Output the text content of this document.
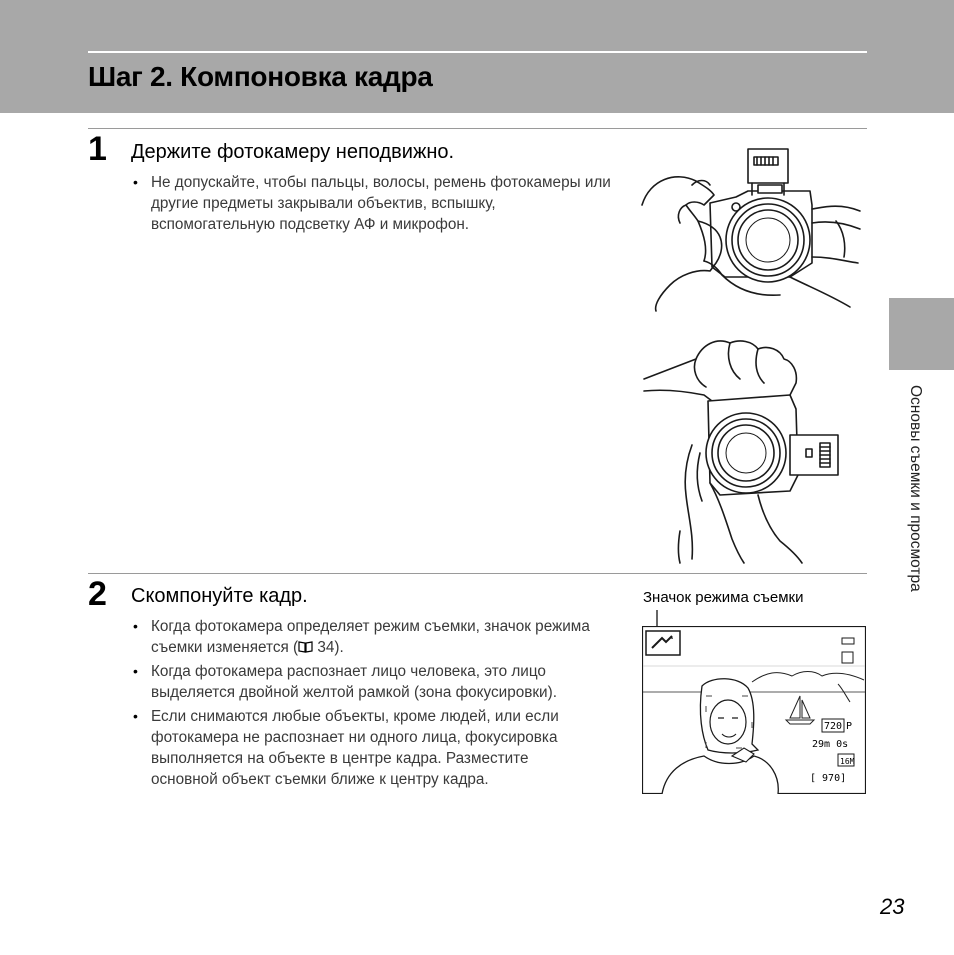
Шаг 2. Компоновка кадра
1 Держите фотокамеру неподвижно.
• Не допускайте, чтобы пальцы, волосы, ремень фотокамеры или другие предметы закрывали объектив, вспышку, вспомогательную подсветку АФ и микрофон.
2 Скомпонуйте кадр.
• Когда фотокамера определяет режим съемки, значок режима съемки изменяется ( 34).
• Когда фотокамера распознает лицо человека, это лицо выделяется двойной желтой рамкой (зона фокусировки).
• Если снимаются любые объекты, кроме людей, или если фотокамера не распознает ни одного лица, фокусировка выполняется на объекте в центре кадра. Разместите основной объект съемки ближе к центру кадра.
Значок режима съемки
720 P
29m 0s
16M
[ 970]
Основы съемки и просмотра
23
